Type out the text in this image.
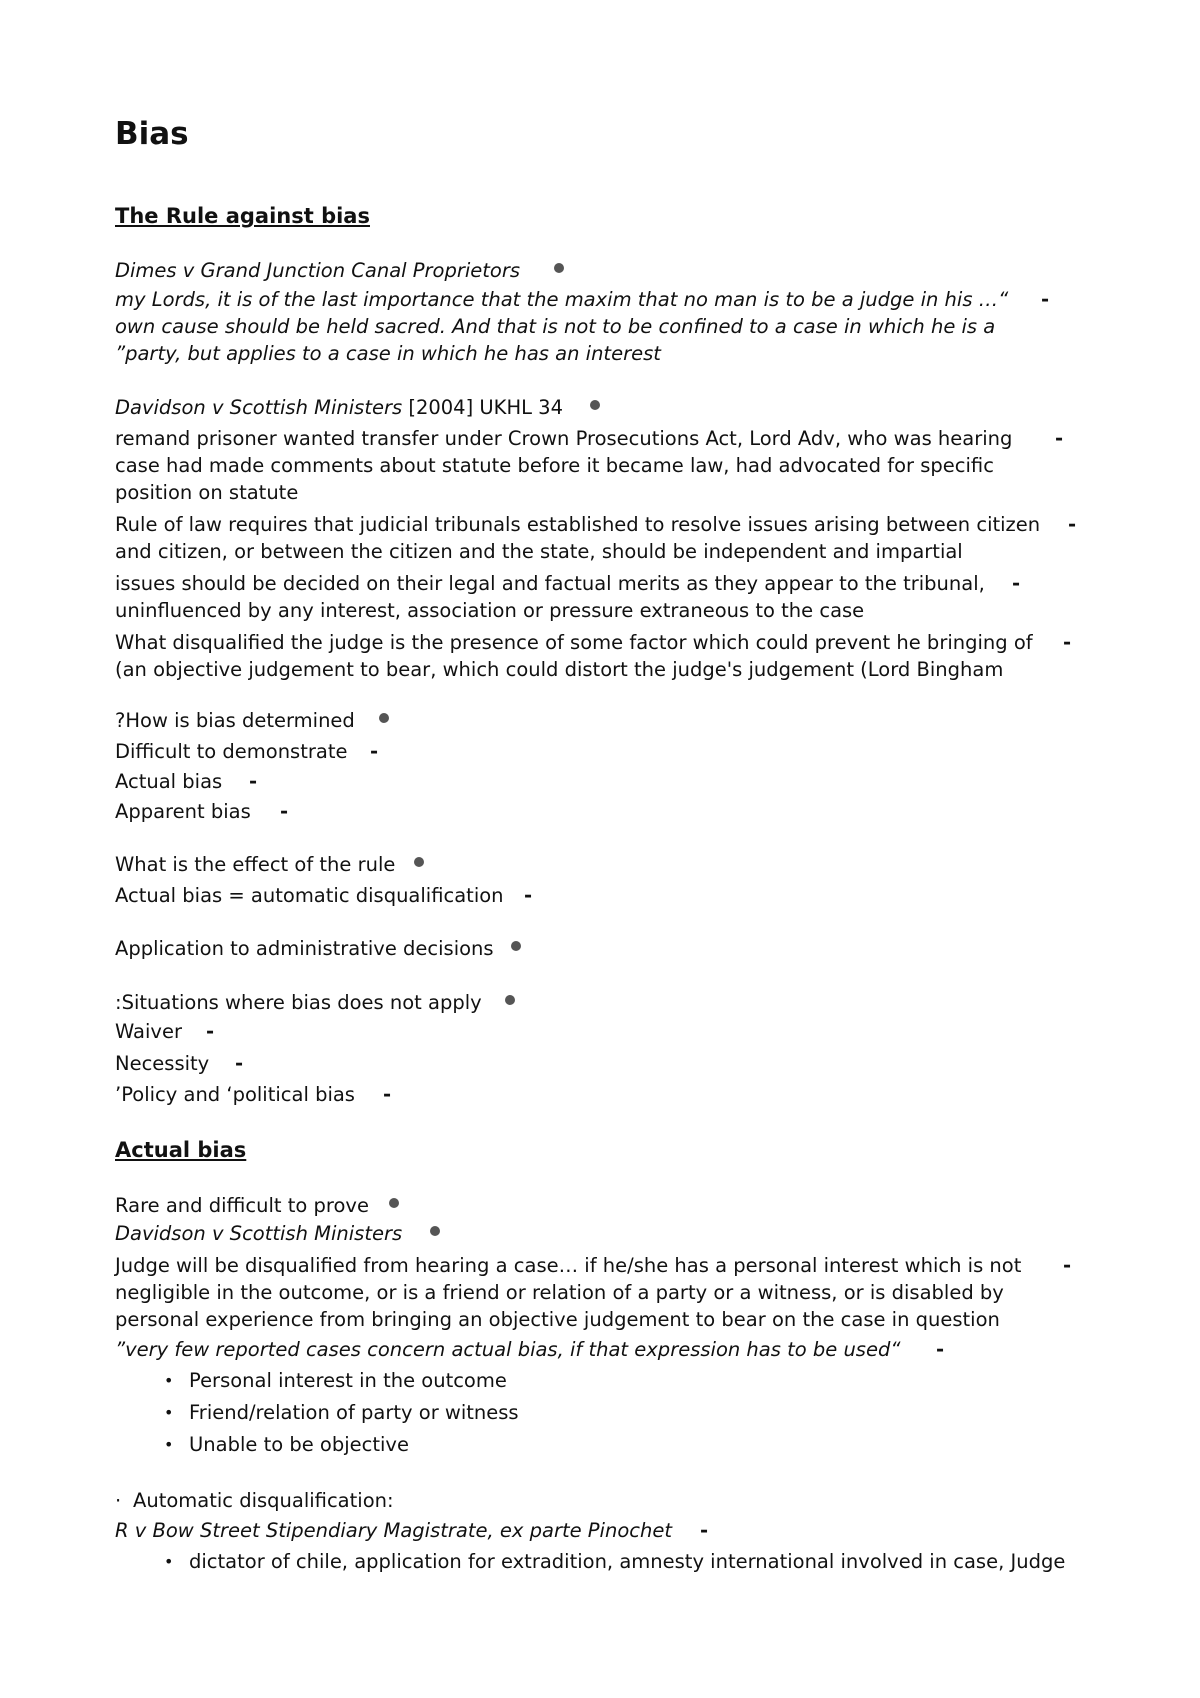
Bias
The Rule against bias
Dimes v Grand Junction Canal Proprietors
my Lords, it is of the last importance that the maxim that no man is to be a judge in his …“ -
own cause should be held sacred. And that is not to be confined to a case in which he is a
”party, but applies to a case in which he has an interest
Davidson v Scottish Ministers [2004] UKHL 34
remand prisoner wanted transfer under Crown Prosecutions Act, Lord Adv, who was hearing -
case had made comments about statute before it became law, had advocated for specific
position on statute
Rule of law requires that judicial tribunals established to resolve issues arising between citizen -
and citizen, or between the citizen and the state, should be independent and impartial
issues should be decided on their legal and factual merits as they appear to the tribunal, -
uninfluenced by any interest, association or pressure extraneous to the case
What disqualified the judge is the presence of some factor which could prevent he bringing of -
(an objective judgement to bear, which could distort the judge's judgement (Lord Bingham
?How is bias determined
Difficult to demonstrate -
Actual bias -
Apparent bias -
What is the effect of the rule
Actual bias = automatic disqualification -
Application to administrative decisions
:Situations where bias does not apply
Waiver -
Necessity -
’Policy and ‘political bias -
Actual bias
Rare and difficult to prove
Davidson v Scottish Ministers
Judge will be disqualified from hearing a case… if he/she has a personal interest which is not -
negligible in the outcome, or is a friend or relation of a party or a witness, or is disabled by
personal experience from bringing an objective judgement to bear on the case in question
”very few reported cases concern actual bias, if that expression has to be used“ -
• Personal interest in the outcome
• Friend/relation of party or witness
• Unable to be objective
· Automatic disqualification:
R v Bow Street Stipendiary Magistrate, ex parte Pinochet -
• dictator of chile, application for extradition, amnesty international involved in case, Judge
